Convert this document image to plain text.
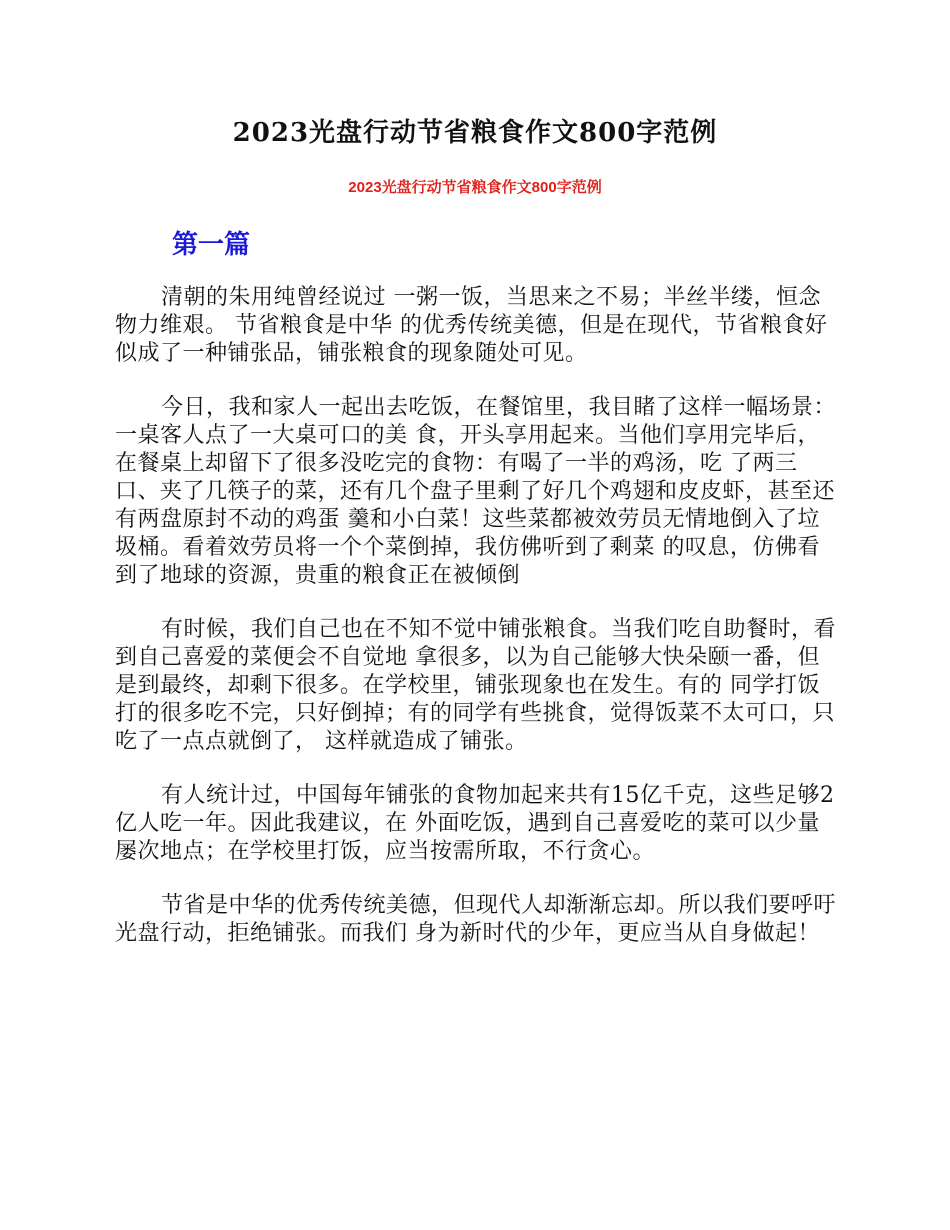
2023光盘行动节省粮食作文800字范例
2023光盘行动节省粮食作文800字范例
第一篇

清朝的朱用纯曾经说过 一粥一饭，当思来之不易；半丝半缕，恒念物力维艰。 节省粮食是中华 的优秀传统美德，但是在现代，节省粮食好似成了一种铺张品，铺张粮食的现象随处可见。

今日，我和家人一起出去吃饭，在餐馆里，我目睹了这样一幅场景：一桌客人点了一大桌可口的美 食，开头享用起来。当他们享用完毕后，在餐桌上却留下了很多没吃完的食物：有喝了一半的鸡汤，吃 了两三口、夹了几筷子的菜，还有几个盘子里剩了好几个鸡翅和皮皮虾，甚至还有两盘原封不动的鸡蛋 羹和小白菜！这些菜都被效劳员无情地倒入了垃圾桶。看着效劳员将一个个菜倒掉，我仿佛听到了剩菜 的叹息，仿佛看到了地球的资源，贵重的粮食正在被倾倒

有时候，我们自己也在不知不觉中铺张粮食。当我们吃自助餐时，看到自己喜爱的菜便会不自觉地 拿很多，以为自己能够大快朵颐一番，但是到最终，却剩下很多。在学校里，铺张现象也在发生。有的 同学打饭打的很多吃不完，只好倒掉；有的同学有些挑食，觉得饭菜不太可口，只吃了一点点就倒了， 这样就造成了铺张。

有人统计过，中国每年铺张的食物加起来共有15亿千克，这些足够2亿人吃一年。因此我建议，在 外面吃饭，遇到自己喜爱吃的菜可以少量屡次地点；在学校里打饭，应当按需所取，不行贪心。

节省是中华的优秀传统美德，但现代人却渐渐忘却。所以我们要呼吁光盘行动，拒绝铺张。而我们 身为新时代的少年，更应当从自身做起！
